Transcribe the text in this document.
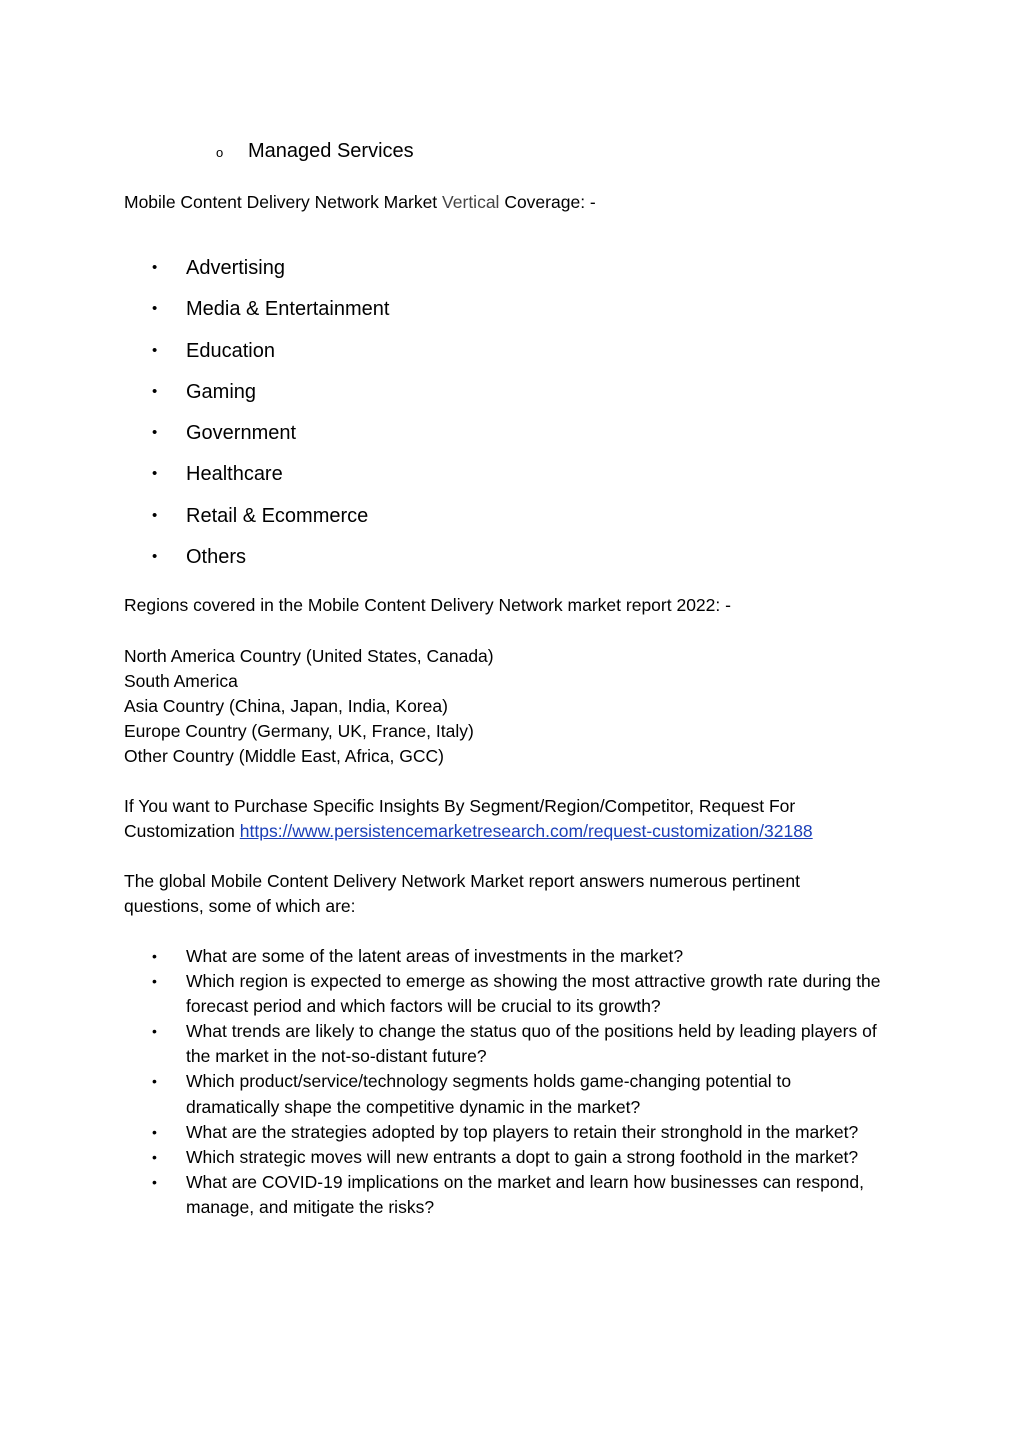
o	Managed Services
Mobile Content Delivery Network Market Vertical Coverage: -
•	Advertising
•	Media & Entertainment
•	Education
•	Gaming
•	Government
•	Healthcare
•	Retail & Ecommerce
•	Others
Regions covered in the Mobile Content Delivery Network market report 2022: -
North America Country (United States, Canada)
South America
Asia Country (China, Japan, India, Korea)
Europe Country (Germany, UK, France, Italy)
Other Country (Middle East, Africa, GCC)
If You want to Purchase Specific Insights By Segment/Region/Competitor, Request For Customization https://www.persistencemarketresearch.com/request-customization/32188
The global Mobile Content Delivery Network Market report answers numerous pertinent questions, some of which are:
•	What are some of the latent areas of investments in the market?
•	Which region is expected to emerge as showing the most attractive growth rate during the forecast period and which factors will be crucial to its growth?
•	What trends are likely to change the status quo of the positions held by leading players of the market in the not-so-distant future?
•	Which product/service/technology segments holds game-changing potential to dramatically shape the competitive dynamic in the market?
•	What are the strategies adopted by top players to retain their stronghold in the market?
•	Which strategic moves will new entrants a dopt to gain a strong foothold in the market?
•	What are COVID-19 implications on the market and learn how businesses can respond, manage, and mitigate the risks?
